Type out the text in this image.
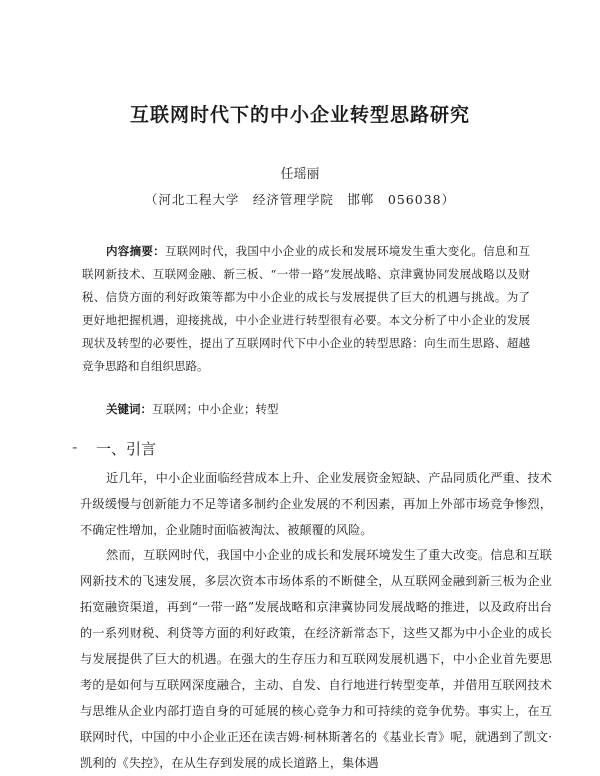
互联网时代下的中小企业转型思路研究
任瑶丽
（河北工程大学　经济管理学院　邯郸　056038）
内容摘要：互联网时代，我国中小企业的成长和发展环境发生重大变化。信息和互联网新技术、互联网金融、新三板、“一带一路”发展战略、京津冀协同发展战略以及财税、信贷方面的利好政策等都为中小企业的成长与发展提供了巨大的机遇与挑战。为了更好地把握机遇，迎接挑战，中小企业进行转型很有必要。本文分析了中小企业的发展现状及转型的必要性，提出了互联网时代下中小企业的转型思路：向生而生思路、超越竞争思路和自组织思路。
关键词：互联网；中小企业；转型
- 一、引言
近几年，中小企业面临经营成本上升、企业发展资金短缺、产品同质化严重、技术升级缓慢与创新能力不足等诸多制约企业发展的不利因素，再加上外部市场竞争惨烈，不确定性增加，企业随时面临被淘汰、被颠覆的风险。
然而，互联网时代，我国中小企业的成长和发展环境发生了重大改变。信息和互联网新技术的飞速发展，多层次资本市场体系的不断健全，从互联网金融到新三板为企业拓宽融资渠道，再到“一带一路”发展战略和京津冀协同发展战略的推进，以及政府出台的一系列财税、利贷等方面的利好政策，在经济新常态下，这些又都为中小企业的成长与发展提供了巨大的机遇。在强大的生存压力和互联网发展机遇下，中小企业首先要思考的是如何与互联网深度融合，主动、自发、自行地进行转型变革，并借用互联网技术与思维从企业内部打造自身的可延展的核心竞争力和可持续的竞争优势。事实上，在互联网时代，中国的中小企业正还在读吉姆·柯林斯著名的《基业长青》呢，就遇到了凯文·凯利的《失控》，在从生存到发展的成长道路上，集体遇
